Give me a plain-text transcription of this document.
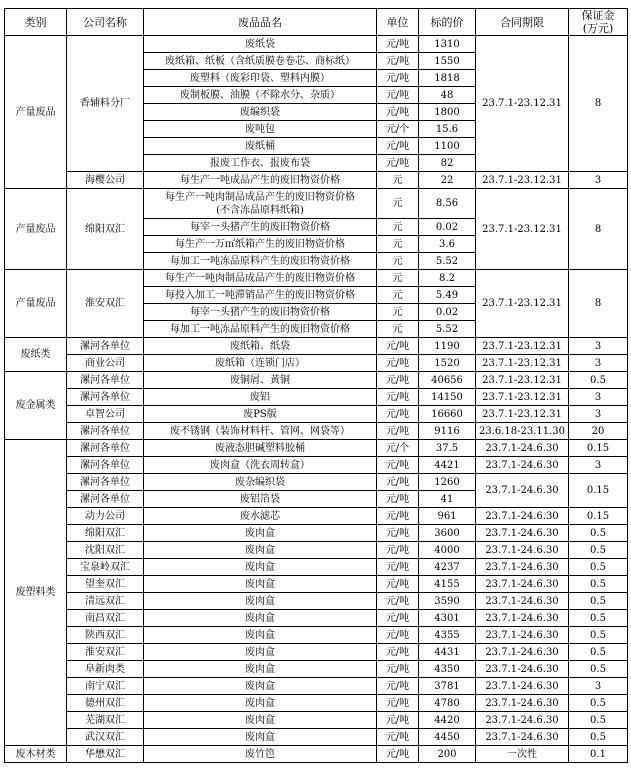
类别	公司名称	废品品名	单位	标的价	合同期限	保证金
(万元)
产量废品	香辅料分厂	废纸袋	元/吨	1310	23.7.1-23.12.31	8
		废纸箱、纸板（含纸质膜卷卷芯、商标纸）	元/吨	1550		
		废塑料（废彩印袋、塑料内膜）	元/吨	1818		
		废制板膜、油膜（不除水分、杂质）	元/吨	48		
		废编织袋	元/吨	1800		
		废吨包	元/个	15.6		
		废纸桶	元/吨	1100		
		报废工作衣、报废布袋	元/吨	82		
	海樱公司	每生产一吨成品产生的废旧物资价格	元	22	23.7.1-23.12.31	3
产量废品	绵阳双汇	每生产一吨肉制品成品产生的废旧物资价格
(不含冻品原料纸箱)	元	8.56	23.7.1-23.12.31	8
		每宰一头猪产生的废旧物资价格	元	0.02		
		每生产一万㎡纸箱产生的废旧物资价格	元	3.6		
		每加工一吨冻品原料产生的废旧物资价格	元	5.52		
产量废品	淮安双汇	每生产一吨肉制品成品产生的废旧物资价格	元	8.2	23.7.1-23.12.31	8
		每投入加工一吨滞销品产生的废旧物资价格	元	5.49		
		每宰一头猪产生的废旧物资价格	元	0.02		
		每加工一吨冻品原料产生的废旧物资价格	元	5.52		
废纸类	漯河各单位	废纸箱、纸袋	元/吨	1190	23.7.1-23.12.31	3
	商业公司	废纸箱（连锁门店）	元/吨	1520	23.7.1-23.12.31	3
废金属类	漯河各单位	废铜屑、黄铜	元/吨	40656	23.7.1-23.12.31	0.5
	漯河各单位	废铝	元/吨	14150	23.7.1-23.12.31	3
	卓智公司	废PS版	元/吨	16660	23.7.1-23.12.31	3
	漯河各单位	废不锈钢（装饰材料杆、管网、网袋等）	元/吨	9116	23.6.18-23.11.30	20
废塑料类	漯河各单位	废液态胆碱塑料胶桶	元/个	37.5	23.7.1-24.6.30	0.15
	漯河各单位	废肉盒（洗衣周转盒）	元/吨	4421	23.7.1-24.6.30	3
	漯河各单位	废杂编织袋	元/吨	1260	23.7.1-24.6.30	0.15
	漯河各单位	废铝箔袋	元/吨	41		
	动力公司	废水滤芯	元/吨	961	23.7.1-24.6.30	0.15
	绵阳双汇	废肉盒	元/吨	3600	23.7.1-24.6.30	0.5
	沈阳双汇	废肉盒	元/吨	4000	23.7.1-24.6.30	0.5
	宝泉岭双汇	废肉盒	元/吨	4237	23.7.1-24.6.30	0.5
	望奎双汇	废肉盒	元/吨	4155	23.7.1-24.6.30	0.5
	清远双汇	废肉盒	元/吨	3590	23.7.1-24.6.30	0.5
	南昌双汇	废肉盒	元/吨	4301	23.7.1-24.6.30	0.5
	陕西双汇	废肉盒	元/吨	4355	23.7.1-24.6.30	0.5
	淮安双汇	废肉盒	元/吨	4431	23.7.1-24.6.30	0.5
	阜新肉类	废肉盒	元/吨	4350	23.7.1-24.6.30	0.5
	南宁双汇	废肉盒	元/吨	3781	23.7.1-24.6.30	3
	德州双汇	废肉盒	元/吨	4780	23.7.1-24.6.30	0.5
	芜湖双汇	废肉盒	元/吨	4420	23.7.1-24.6.30	0.5
	武汉双汇	废肉盒	元/吨	4450	23.7.1-24.6.30	0.5
废木材类	华懋双汇	废竹笆	元/吨	200	一次性	0.1
